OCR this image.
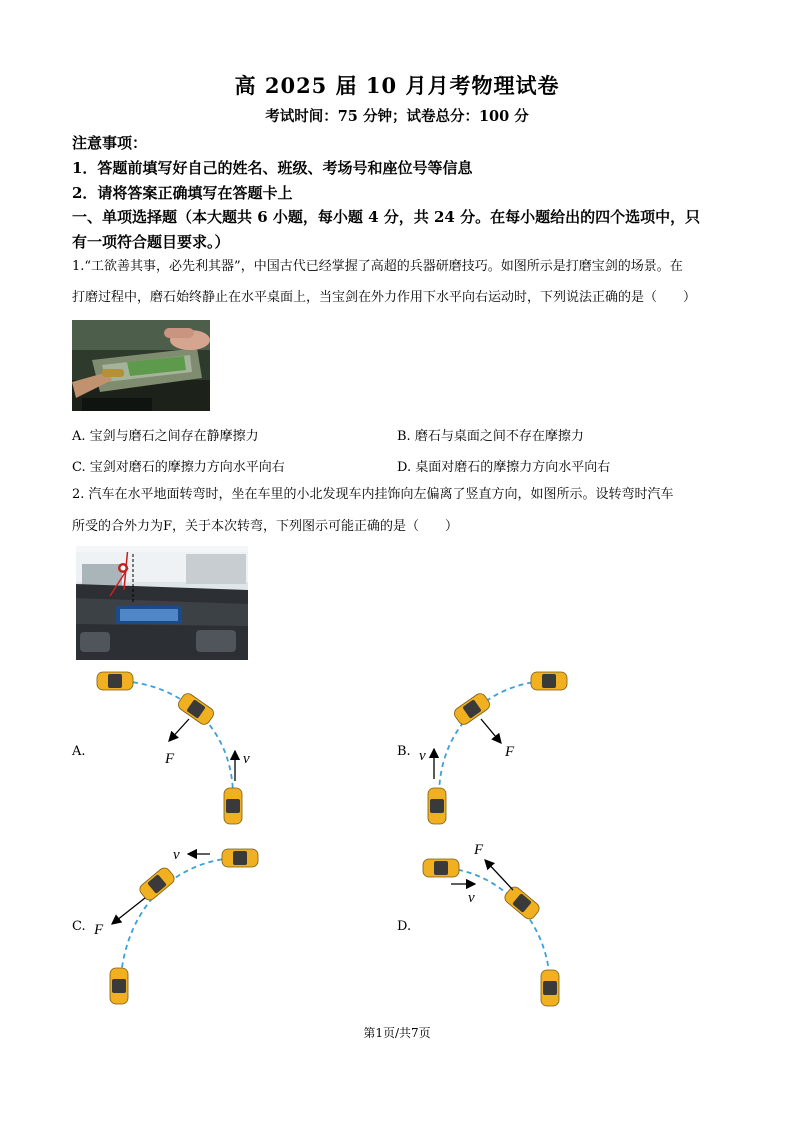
高 2025 届 10 月月考物理试卷
考试时间：75 分钟；试卷总分：100 分
注意事项：
1．答题前填写好自己的姓名、班级、考场号和座位号等信息
2．请将答案正确填写在答题卡上
一、单项选择题（本大题共 6 小题，每小题 4 分，共 24 分。在每小题给出的四个选项中，只
有一项符合题目要求。）
1.“工欲善其事，必先利其器”，中国古代已经掌握了高超的兵器研磨技巧。如图所示是打磨宝剑的场景。在
打磨过程中，磨石始终静止在水平桌面上，当宝剑在外力作用下水平向右运动时，下列说法正确的是（　　）
A. 宝剑与磨石之间存在静摩擦力	B. 磨石与桌面之间不存在摩擦力
C. 宝剑对磨石的摩擦力方向水平向右	D. 桌面对磨石的摩擦力方向水平向右
2. 汽车在水平地面转弯时，坐在车里的小北发现车内挂饰向左偏离了竖直方向，如图所示。设转弯时汽车
所受的合外力为F，关于本次转弯，下列图示可能正确的是（　　）
A.	F	v	B.	F
v
C.
v
F	D.
v
F
第1页/共7页
